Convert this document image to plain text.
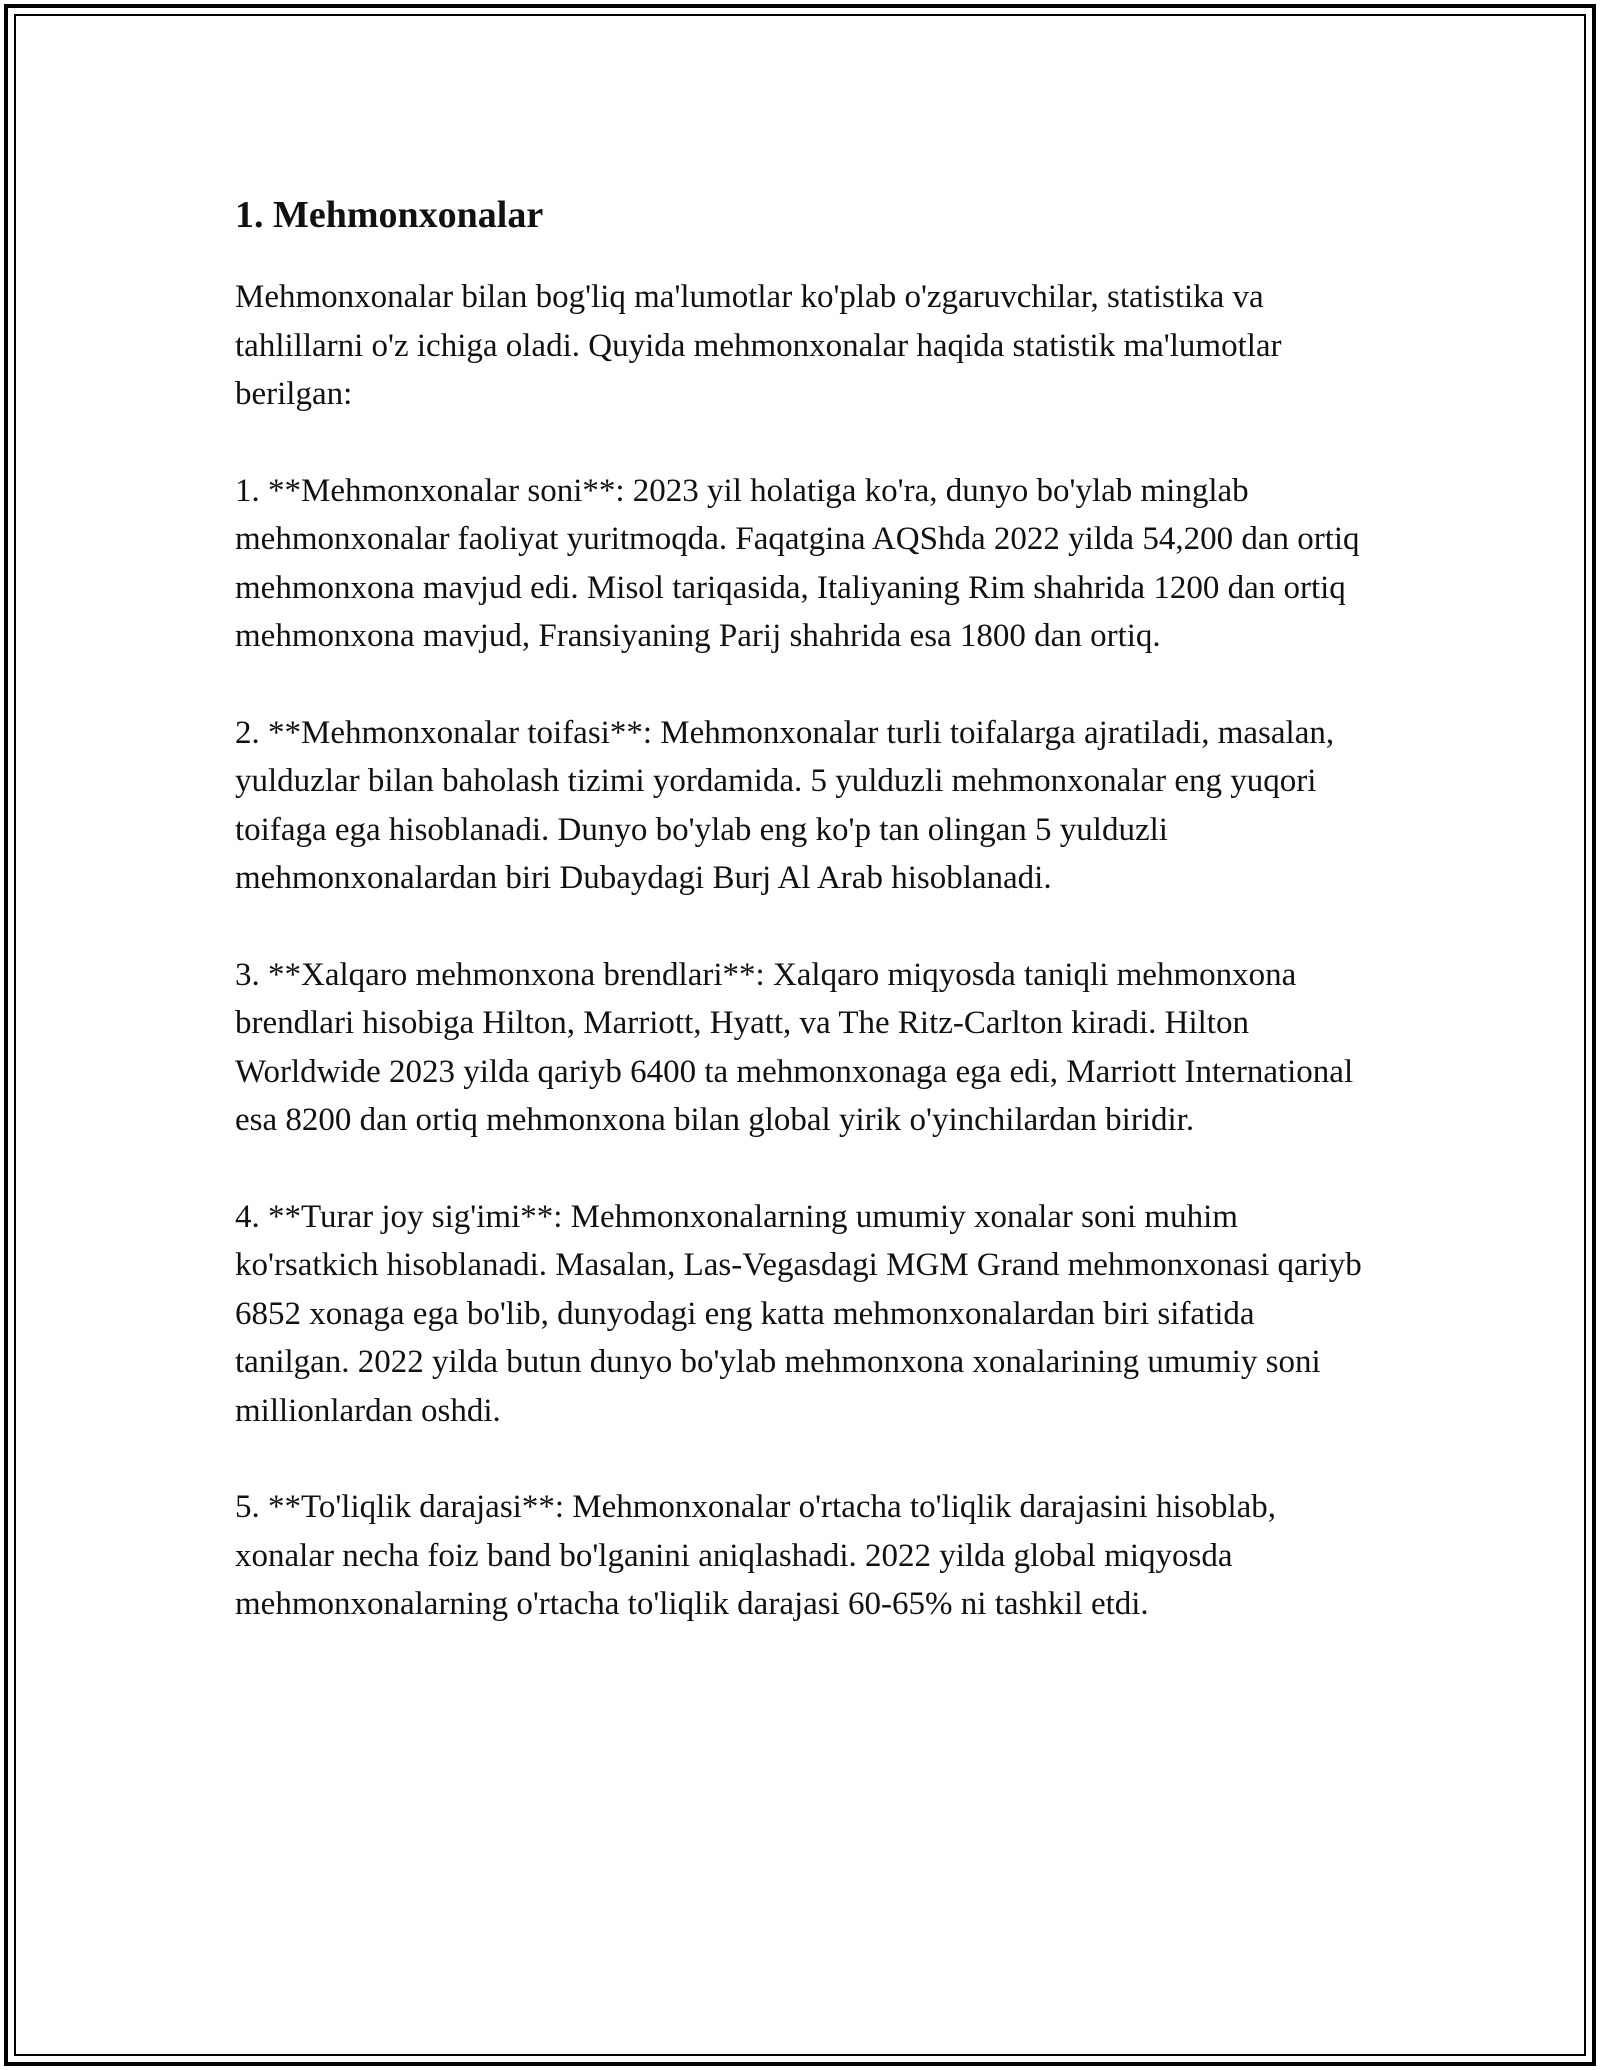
1. Mehmonxonalar

Mehmonxonalar bilan bog'liq ma'lumotlar ko'plab o'zgaruvchilar, statistika va tahlillarni o'z ichiga oladi. Quyida mehmonxonalar haqida statistik ma'lumotlar berilgan:

1. **Mehmonxonalar soni**: 2023 yil holatiga ko'ra, dunyo bo'ylab minglab mehmonxonalar faoliyat yuritmoqda. Faqatgina AQShda 2022 yilda 54,200 dan ortiq mehmonxona mavjud edi. Misol tariqasida, Italiyaning Rim shahrida 1200 dan ortiq mehmonxona mavjud, Fransiyaning Parij shahrida esa 1800 dan ortiq.

2. **Mehmonxonalar toifasi**: Mehmonxonalar turli toifalarga ajratiladi, masalan, yulduzlar bilan baholash tizimi yordamida. 5 yulduzli mehmonxonalar eng yuqori toifaga ega hisoblanadi. Dunyo bo'ylab eng ko'p tan olingan 5 yulduzli mehmonxonalardan biri Dubaydagi Burj Al Arab hisoblanadi.

3. **Xalqaro mehmonxona brendlari**: Xalqaro miqyosda taniqli mehmonxona brendlari hisobiga Hilton, Marriott, Hyatt, va The Ritz-Carlton kiradi. Hilton Worldwide 2023 yilda qariyb 6400 ta mehmonxonaga ega edi, Marriott International esa 8200 dan ortiq mehmonxona bilan global yirik o'yinchilardan biridir.

4. **Turar joy sig'imi**: Mehmonxonalarning umumiy xonalar soni muhim ko'rsatkich hisoblanadi. Masalan, Las-Vegasdagi MGM Grand mehmonxonasi qariyb 6852 xonaga ega bo'lib, dunyodagi eng katta mehmonxonalardan biri sifatida tanilgan. 2022 yilda butun dunyo bo'ylab mehmonxona xonalarining umumiy soni millionlardan oshdi.

5. **To'liqlik darajasi**: Mehmonxonalar o'rtacha to'liqlik darajasini hisoblab, xonalar necha foiz band bo'lganini aniqlashadi. 2022 yilda global miqyosda mehmonxonalarning o'rtacha to'liqlik darajasi 60-65% ni tashkil etdi.
